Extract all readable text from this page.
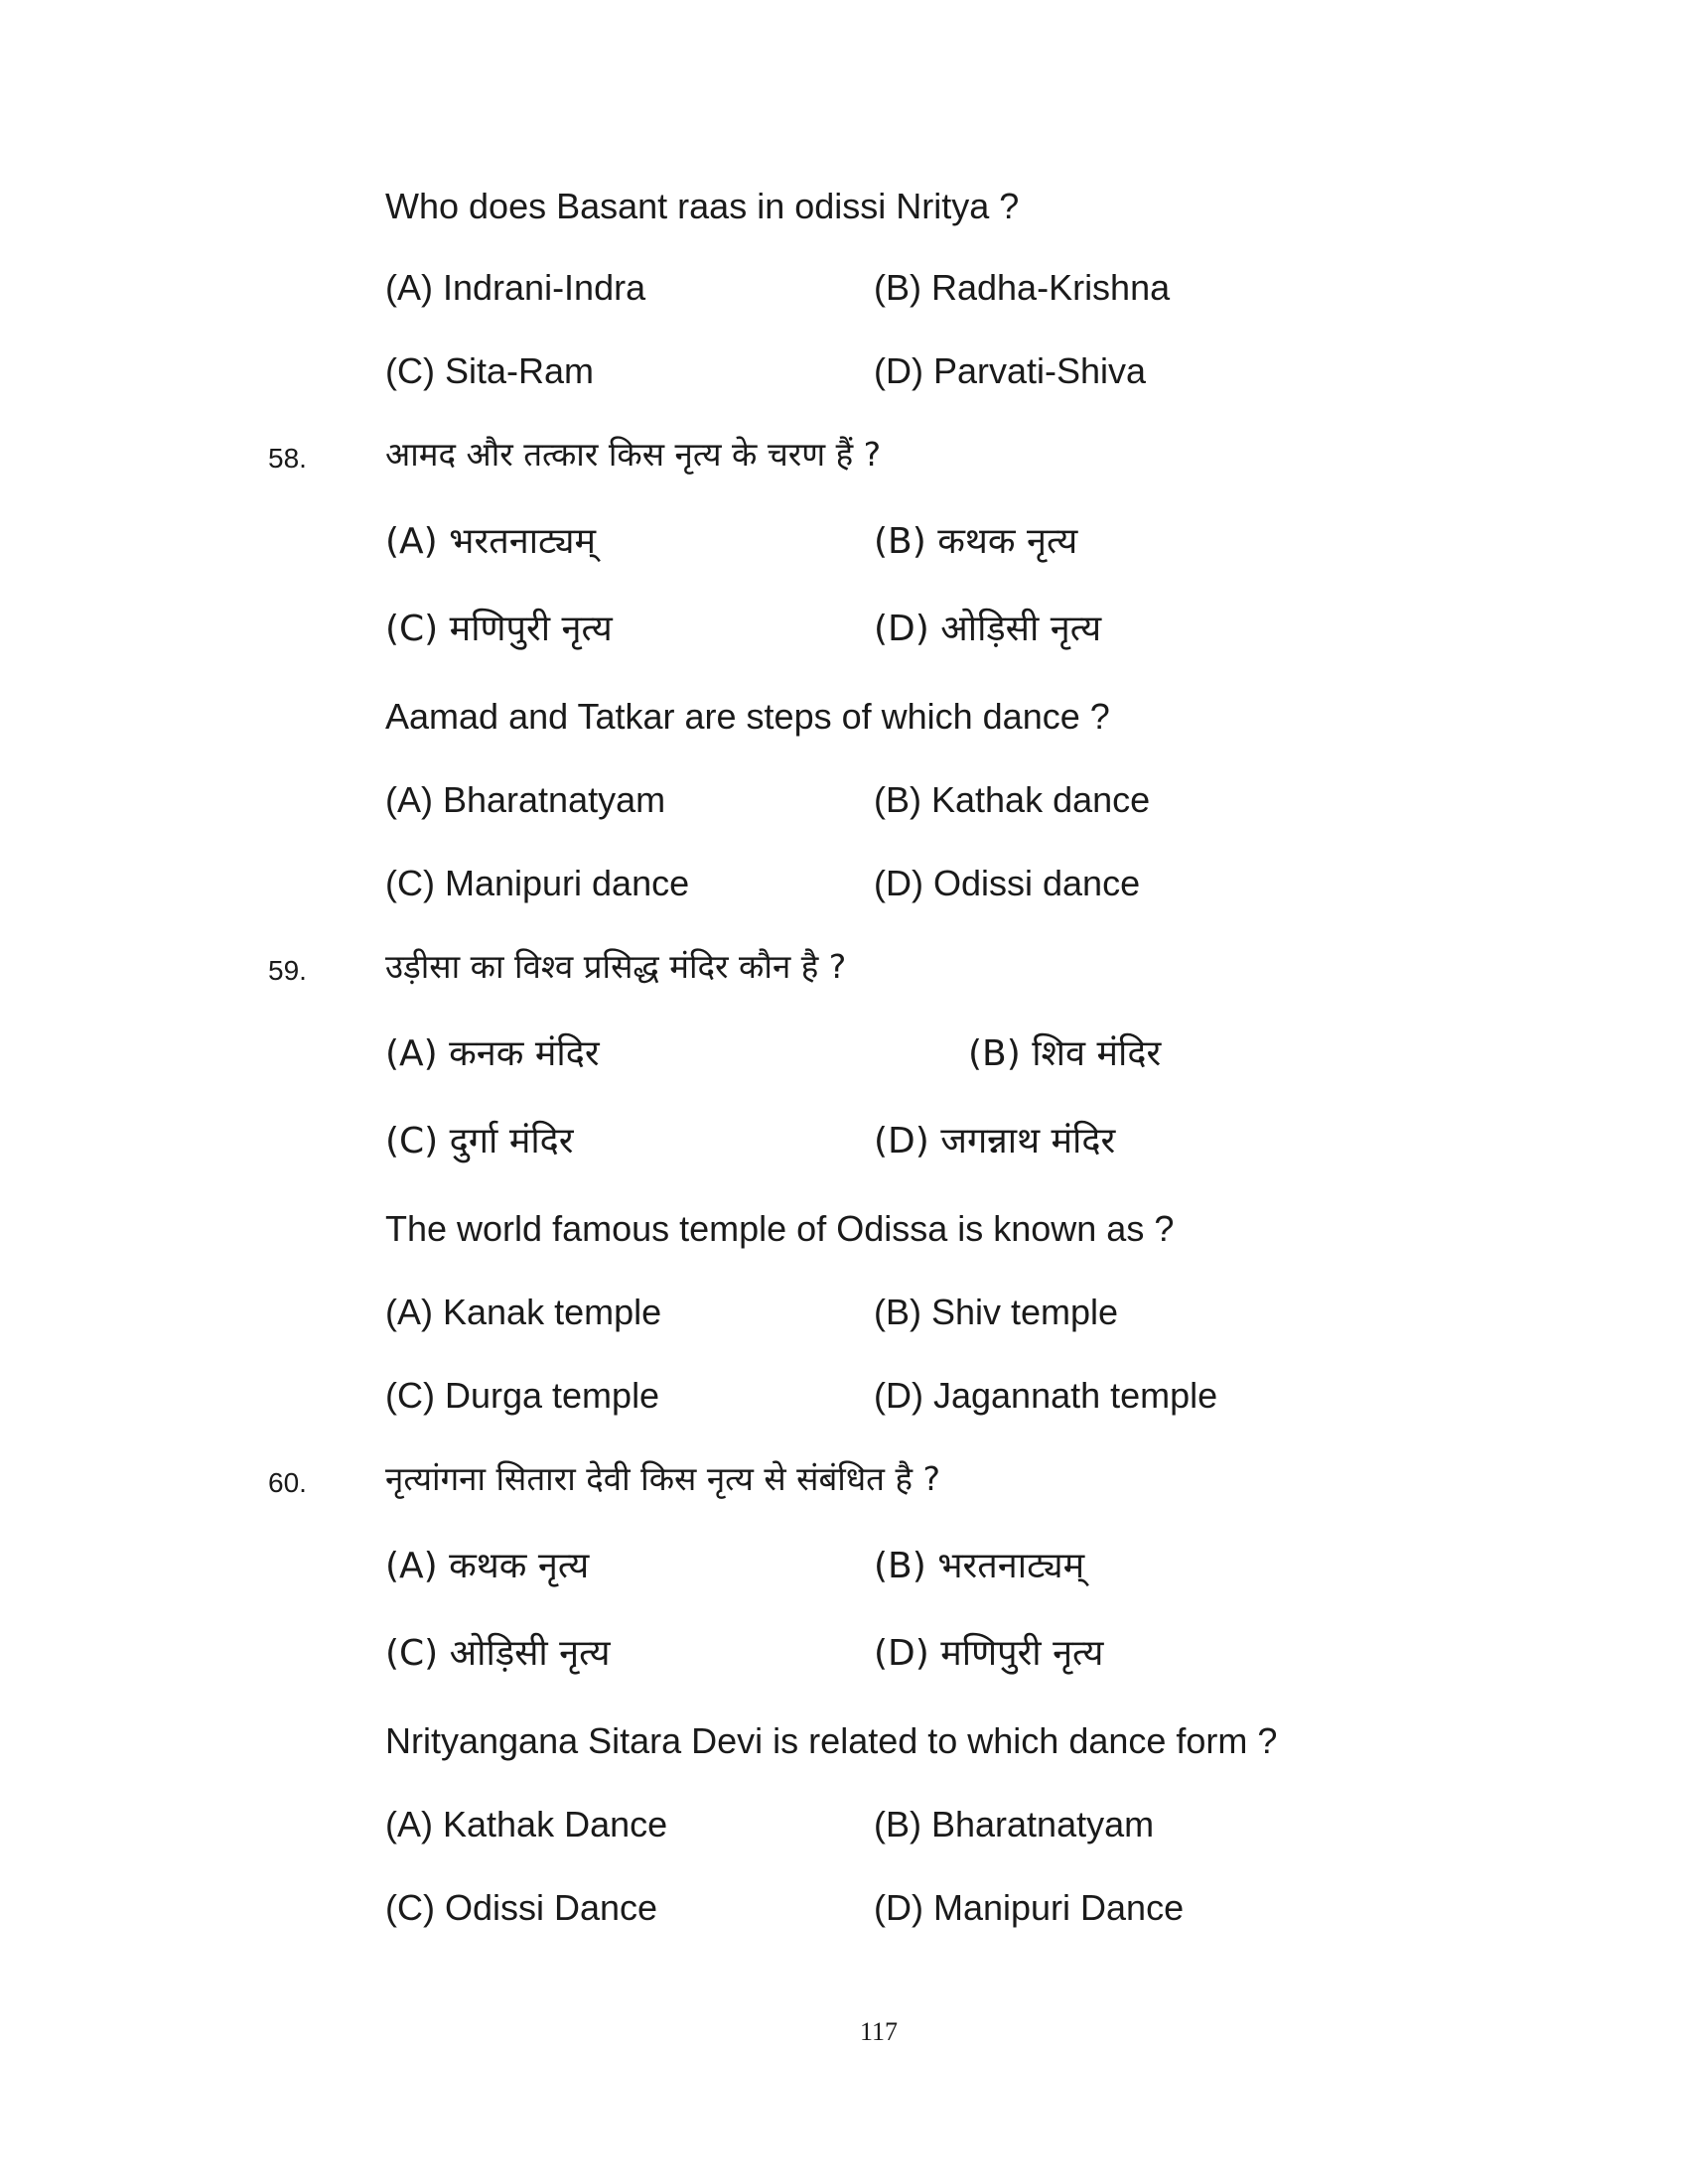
Who does Basant raas in odissi Nritya ?
(A) Indrani-Indra	(B) Radha-Krishna
(C) Sita-Ram	(D) Parvati-Shiva
58. आमद और तत्कार किस नृत्य के चरण हैं ?
(A) भरतनाट्यम्	(B) कथक नृत्य
(C) मणिपुरी नृत्य	(D) ओड़िसी नृत्य
Aamad and Tatkar are steps of which dance ?
(A) Bharatnatyam	(B) Kathak dance
(C) Manipuri dance	(D) Odissi dance
59. उड़ीसा का विश्व प्रसिद्ध मंदिर कौन है ?
(A) कनक मंदिर	(B) शिव मंदिर
(C) दुर्गा मंदिर	(D) जगन्नाथ मंदिर
The world famous temple of Odissa is known as ?
(A) Kanak temple	(B) Shiv temple
(C) Durga temple	(D) Jagannath temple
60. नृत्यांगना सितारा देवी किस नृत्य से संबंधित है ?
(A) कथक नृत्य	(B) भरतनाट्यम्
(C) ओड़िसी नृत्य	(D) मणिपुरी नृत्य
Nrityangana Sitara Devi is related to which dance form ?
(A) Kathak Dance	(B) Bharatnatyam
(C) Odissi Dance	(D) Manipuri Dance
117
